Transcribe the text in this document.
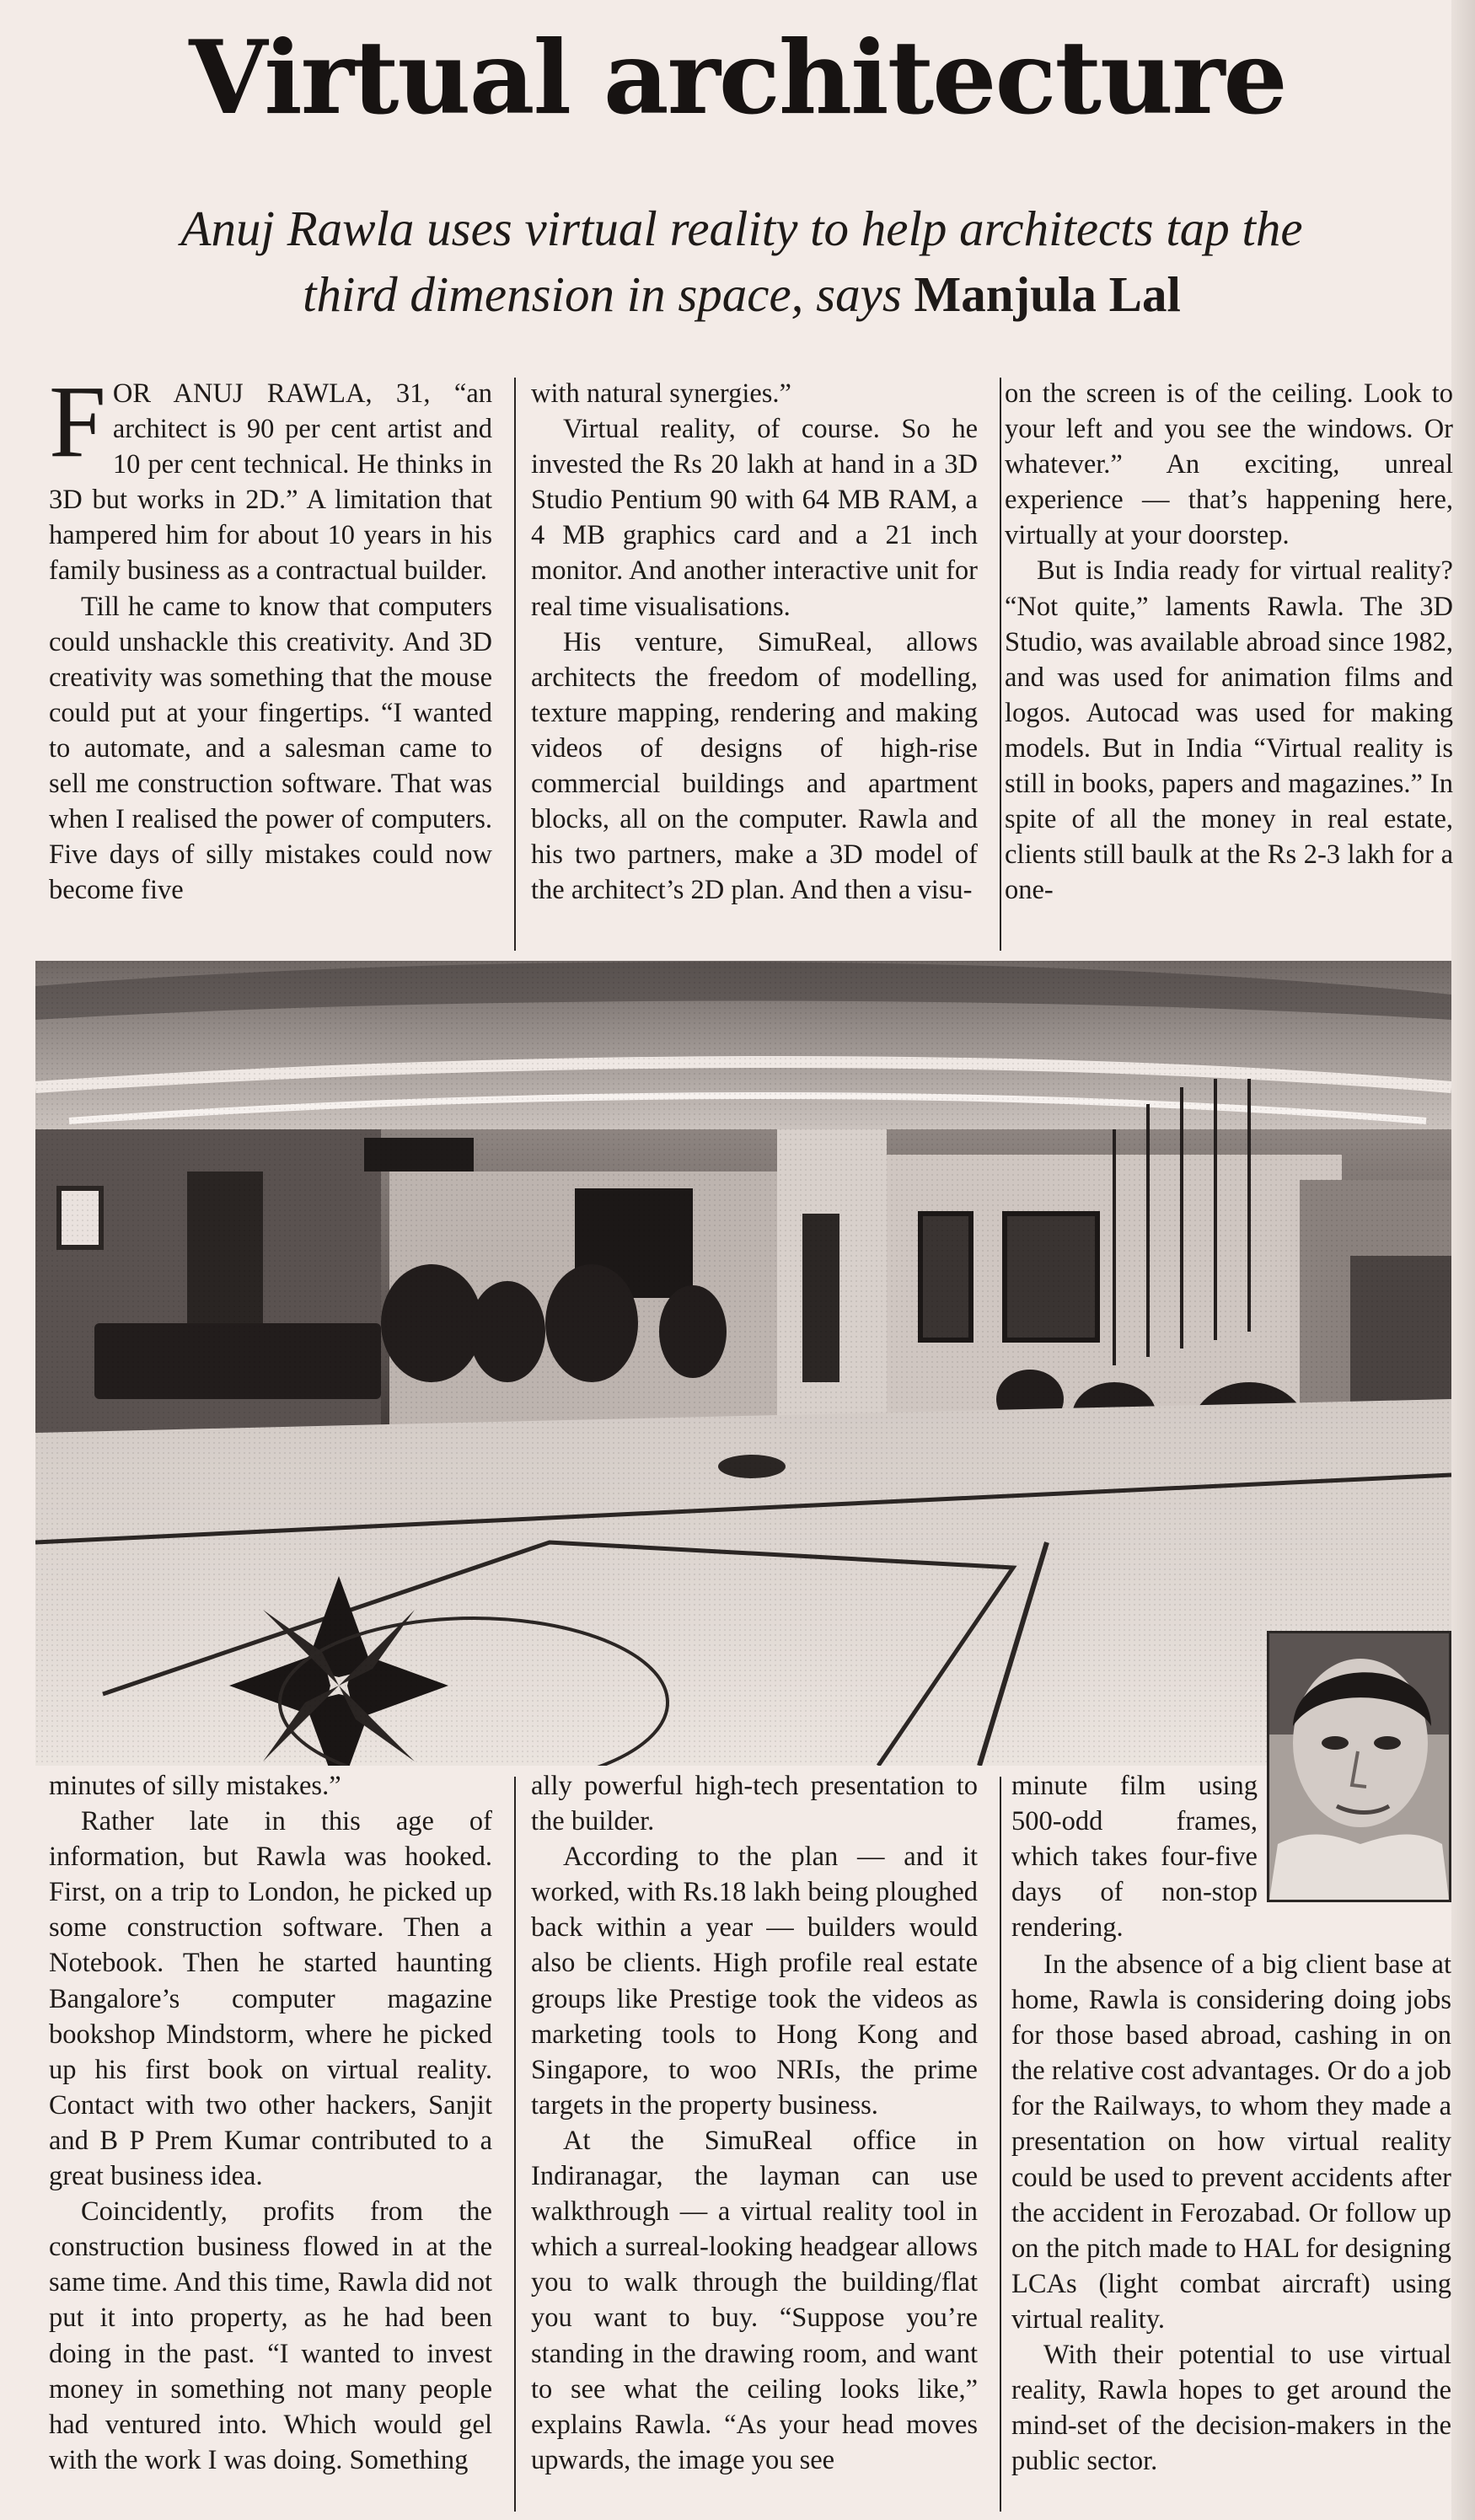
Virtual architecture
Anuj Rawla uses virtual reality to help architects tap the
third dimension in space, says Manjula Lal

FOR ANUJ RAWLA, 31, “an architect is 90 per cent artist and 10 per cent technical. He thinks in 3D but works in 2D.” A limitation that hampered him for about 10 years in his family business as a contractual builder.

Till he came to know that computers could unshackle this creativity. And 3D creativity was something that the mouse could put at your fingertips. “I wanted to automate, and a salesman came to sell me construction software. That was when I realised the power of computers. Five days of silly mistakes could now become five

with natural synergies.”

Virtual reality, of course. So he invested the Rs 20 lakh at hand in a 3D Studio Pentium 90 with 64 MB RAM, a 4 MB graphics card and a 21 inch monitor. And another interactive unit for real time visualisations.

His venture, SimuReal, allows architects the freedom of modelling, texture mapping, rendering and making videos of designs of high-rise commercial buildings and apartment blocks, all on the computer. Rawla and his two partners, make a 3D model of the architect’s 2D plan. And then a visu-

on the screen is of the ceiling. Look to your left and you see the windows. Or whatever.” An exciting, unreal experience — that’s happening here, virtually at your doorstep.

But is India ready for virtual reality? “Not quite,” laments Rawla. The 3D Studio, was available abroad since 1982, and was used for animation films and logos. Autocad was used for making models. But in India “Virtual reality is still in books, papers and magazines.” In spite of all the money in real estate, clients still baulk at the Rs 2-3 lakh for a one-

minutes of silly mistakes.”

Rather late in this age of information, but Rawla was hooked. First, on a trip to London, he picked up some construction software. Then a Notebook. Then he started haunting Bangalore’s computer magazine bookshop Mindstorm, where he picked up his first book on virtual reality. Contact with two other hackers, Sanjit and B P Prem Kumar contributed to a great business idea.

Coincidently, profits from the construction business flowed in at the same time. And this time, Rawla did not put it into property, as he had been doing in the past. “I wanted to invest money in something not many people had ventured into. Which would gel with the work I was doing. Something

ally powerful high-tech presentation to the builder.

According to the plan — and it worked, with Rs.18 lakh being ploughed back within a year — builders would also be clients. High profile real estate groups like Prestige took the videos as marketing tools to Hong Kong and Singapore, to woo NRIs, the prime targets in the property business.

At the SimuReal office in Indiranagar, the layman can use walkthrough — a virtual reality tool in which a surreal-looking headgear allows you to walk through the building/flat you want to buy. “Suppose you’re standing in the drawing room, and want to see what the ceiling looks like,” explains Rawla. “As your head moves upwards, the image you see

minute film using 500-odd frames, which takes four-five days of non-stop rendering.

In the absence of a big client base at home, Rawla is considering doing jobs for those based abroad, cashing in on the relative cost advantages. Or do a job for the Railways, to whom they made a presentation on how virtual reality could be used to prevent accidents after the accident in Ferozabad. Or follow up on the pitch made to HAL for designing LCAs (light combat aircraft) using virtual reality.

With their potential to use virtual reality, Rawla hopes to get around the mind-set of the decision-makers in the public sector.
